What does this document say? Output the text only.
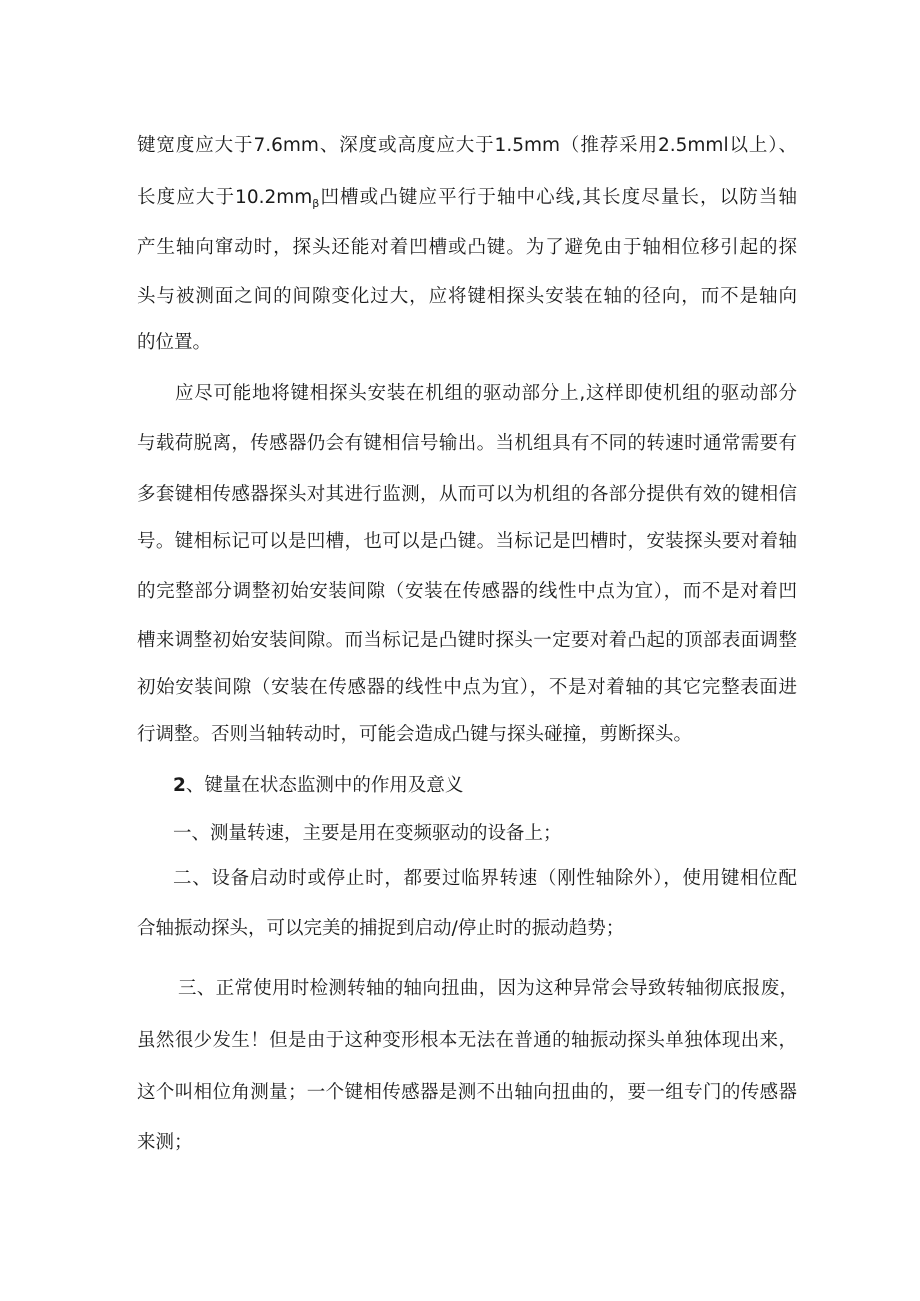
键宽度应大于7.6mm、深度或高度应大于1.5mm（推荐采用2.5mml以上）、
长度应大于$10.2mm_\beta$凹槽或凸键应平行于轴中心线,其长度尽量长，以防当轴
产生轴向窜动时，探头还能对着凹槽或凸键。为了避免由于轴相位移引起的探
头与被测面之间的间隙变化过大，应将键相探头安装在轴的径向，而不是轴向
的位置。
应尽可能地将键相探头安装在机组的驱动部分上,这样即使机组的驱动部分
与载荷脱离，传感器仍会有键相信号输出。当机组具有不同的转速时通常需要有
多套键相传感器探头对其进行监测，从而可以为机组的各部分提供有效的键相信
号。键相标记可以是凹槽，也可以是凸键。当标记是凹槽时，安装探头要对着轴
的完整部分调整初始安装间隙（安装在传感器的线性中点为宜），而不是对着凹
槽来调整初始安装间隙。而当标记是凸键时探头一定要对着凸起的顶部表面调整
初始安装间隙（安装在传感器的线性中点为宜），不是对着轴的其它完整表面进
行调整。否则当轴转动时，可能会造成凸键与探头碰撞，剪断探头。
2、键量在状态监测中的作用及意义
一、测量转速，主要是用在变频驱动的设备上；
二、设备启动时或停止时，都要过临界转速（刚性轴除外），使用键相位配
合轴振动探头，可以完美的捕捉到启动/停止时的振动趋势；
三、正常使用时检测转轴的轴向扭曲，因为这种异常会导致转轴彻底报废，
虽然很少发生！但是由于这种变形根本无法在普通的轴振动探头单独体现出来，
这个叫相位角测量；一个键相传感器是测不出轴向扭曲的，要一组专门的传感器
来测；
